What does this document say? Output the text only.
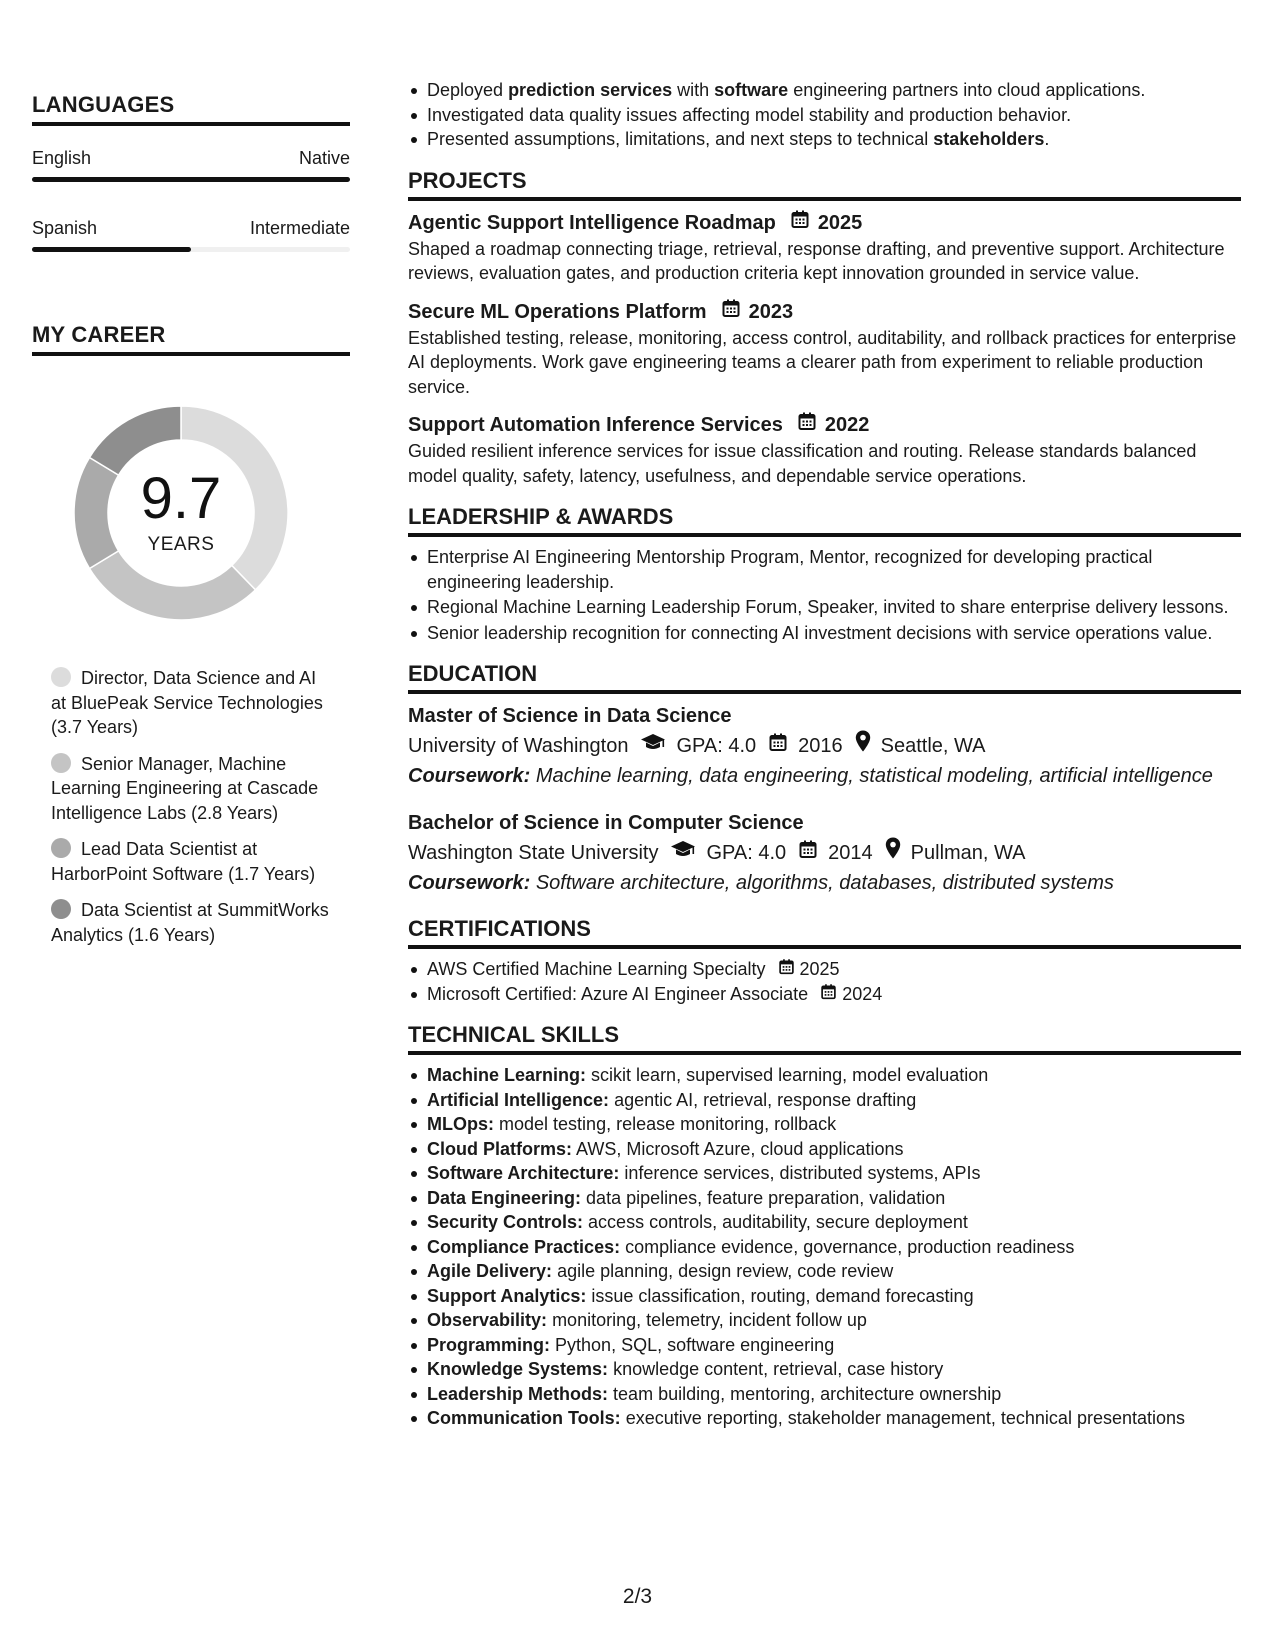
LANGUAGES
English	Native
Spanish	Intermediate
MY CAREER
9.7
YEARS
Director, Data Science and AI at BluePeak Service Technologies (3.7 Years)
Senior Manager, Machine Learning Engineering at Cascade Intelligence Labs (2.8 Years)
Lead Data Scientist at HarborPoint Software (1.7 Years)
Data Scientist at SummitWorks Analytics (1.6 Years)
Deployed prediction services with software engineering partners into cloud applications.
Investigated data quality issues affecting model stability and production behavior.
Presented assumptions, limitations, and next steps to technical stakeholders.
PROJECTS
Agentic Support Intelligence Roadmap 2025
Shaped a roadmap connecting triage, retrieval, response drafting, and preventive support. Architecture reviews, evaluation gates, and production criteria kept innovation grounded in service value.
Secure ML Operations Platform 2023
Established testing, release, monitoring, access control, auditability, and rollback practices for enterprise AI deployments. Work gave engineering teams a clearer path from experiment to reliable production service.
Support Automation Inference Services 2022
Guided resilient inference services for issue classification and routing. Release standards balanced model quality, safety, latency, usefulness, and dependable service operations.
LEADERSHIP & AWARDS
Enterprise AI Engineering Mentorship Program, Mentor, recognized for developing practical engineering leadership.
Regional Machine Learning Leadership Forum, Speaker, invited to share enterprise delivery lessons.
Senior leadership recognition for connecting AI investment decisions with service operations value.
EDUCATION
Master of Science in Data Science
University of Washington GPA: 4.0 2016 Seattle, WA
Coursework: Machine learning, data engineering, statistical modeling, artificial intelligence
Bachelor of Science in Computer Science
Washington State University GPA: 4.0 2014 Pullman, WA
Coursework: Software architecture, algorithms, databases, distributed systems
CERTIFICATIONS
AWS Certified Machine Learning Specialty 2025
Microsoft Certified: Azure AI Engineer Associate 2024
TECHNICAL SKILLS
Machine Learning: scikit learn, supervised learning, model evaluation
Artificial Intelligence: agentic AI, retrieval, response drafting
MLOps: model testing, release monitoring, rollback
Cloud Platforms: AWS, Microsoft Azure, cloud applications
Software Architecture: inference services, distributed systems, APIs
Data Engineering: data pipelines, feature preparation, validation
Security Controls: access controls, auditability, secure deployment
Compliance Practices: compliance evidence, governance, production readiness
Agile Delivery: agile planning, design review, code review
Support Analytics: issue classification, routing, demand forecasting
Observability: monitoring, telemetry, incident follow up
Programming: Python, SQL, software engineering
Knowledge Systems: knowledge content, retrieval, case history
Leadership Methods: team building, mentoring, architecture ownership
Communication Tools: executive reporting, stakeholder management, technical presentations
2/3
